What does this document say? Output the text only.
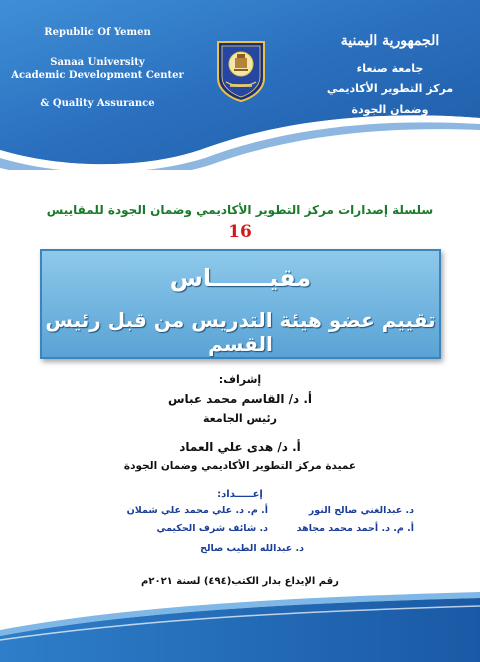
Republic Of Yemen
Sanaa University
Academic Development Center
& Quality Assurance
الجمهورية اليمنية
جامعة صنعاء
مركز التطوير الأكاديمي
وضمان الجودة
سلسلة إصدارات مركز التطوير الأكاديمي وضمان الجودة للمقاييس
16
مقيـــــــاس
تقييم عضو هيئة التدريس من قبل رئيس القسم
إشراف:
أ. د/ القاسم محمد عباس
رئيس الجامعة
أ. د/ هدى علي العماد
عميدة مركز التطوير الأكاديمي وضمان الجودة
إعـــــداد:
د. عبدالغني صالح النور
أ. م. د. علي محمد علي شملان
أ. م. د. أحمد محمد مجاهد
د. شائف شرف الحكيمي
د. عبدالله الطيب صالح
رقم الإيداع بدار الكتب(٤٩٤) لسنة ٢٠٢١م
